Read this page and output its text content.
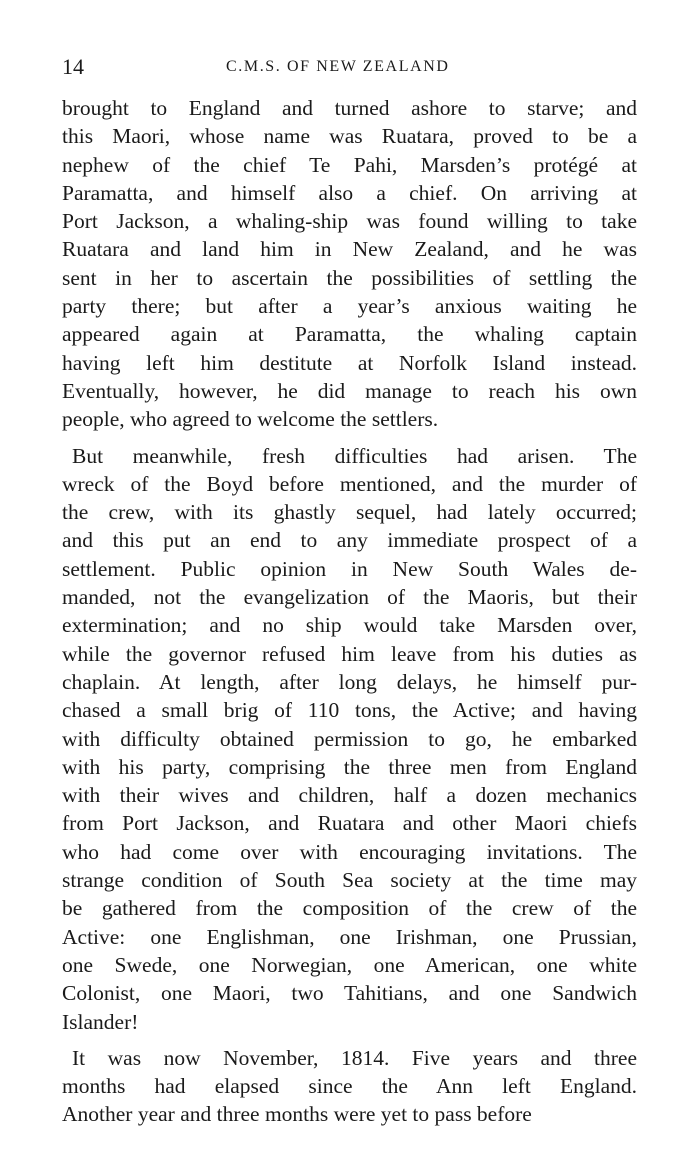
14	C.M.S. OF NEW ZEALAND
brought to England and turned ashore to starve; and
this Maori, whose name was Ruatara, proved to be a
nephew of the chief Te Pahi, Marsden’s protégé at
Paramatta, and himself also a chief. On arriving at
Port Jackson, a whaling-ship was found willing to take
Ruatara and land him in New Zealand, and he was
sent in her to ascertain the possibilities of settling the
party there; but after a year’s anxious waiting he
appeared again at Paramatta, the whaling captain
having left him destitute at Norfolk Island instead.
Eventually, however, he did manage to reach his own
people, who agreed to welcome the settlers.
But meanwhile, fresh difficulties had arisen. The
wreck of the Boyd before mentioned, and the murder of
the crew, with its ghastly sequel, had lately occurred;
and this put an end to any immediate prospect of a
settlement. Public opinion in New South Wales de-
manded, not the evangelization of the Maoris, but their
extermination; and no ship would take Marsden over,
while the governor refused him leave from his duties as
chaplain. At length, after long delays, he himself pur-
chased a small brig of 110 tons, the Active; and having
with difficulty obtained permission to go, he embarked
with his party, comprising the three men from England
with their wives and children, half a dozen mechanics
from Port Jackson, and Ruatara and other Maori chiefs
who had come over with encouraging invitations. The
strange condition of South Sea society at the time may
be gathered from the composition of the crew of the
Active: one Englishman, one Irishman, one Prussian,
one Swede, one Norwegian, one American, one white
Colonist, one Maori, two Tahitians, and one Sandwich
Islander!
It was now November, 1814. Five years and three
months had elapsed since the Ann left England.
Another year and three months were yet to pass before
